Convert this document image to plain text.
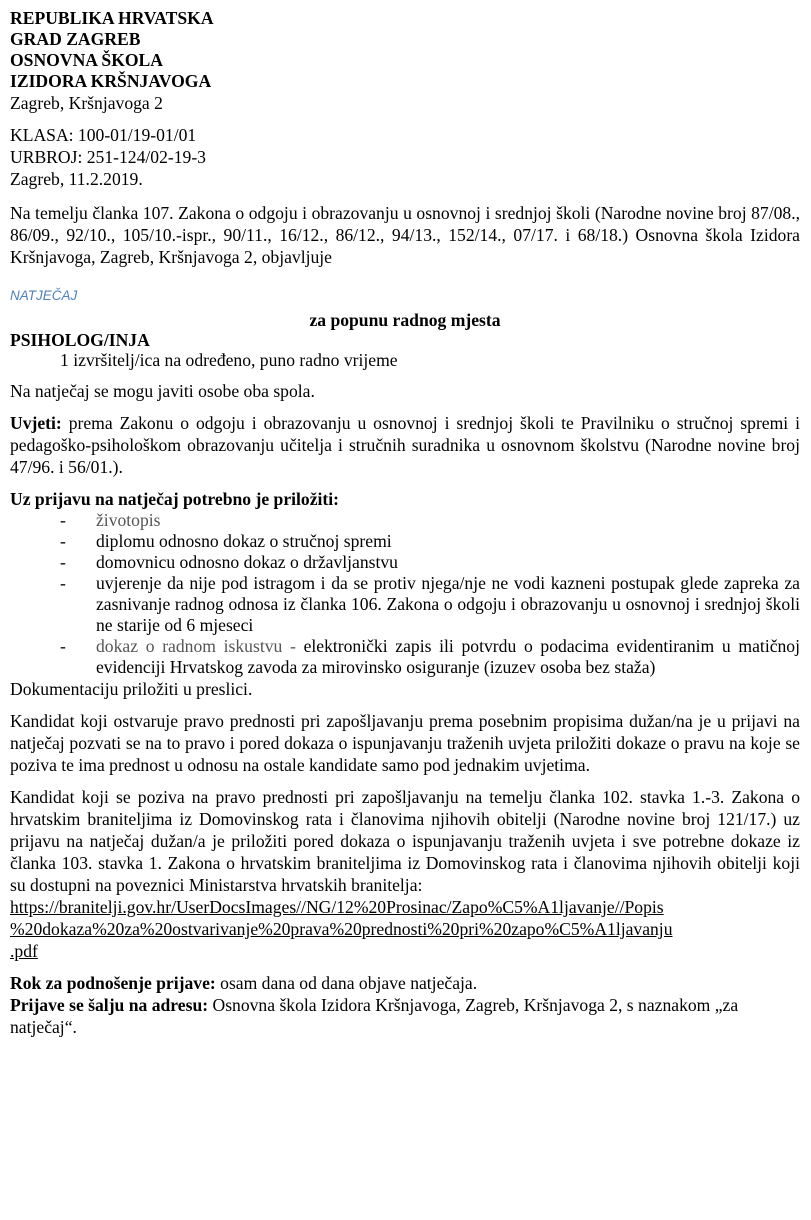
REPUBLIKA HRVATSKA
GRAD ZAGREB
OSNOVNA ŠKOLA
IZIDORA KRŠNJAVOGA
Zagreb, Kršnjavoga 2
KLASA: 100-01/19-01/01
URBROJ: 251-124/02-19-3
Zagreb, 11.2.2019.

Na temelju članka 107. Zakona o odgoju i obrazovanju u osnovnoj i srednjoj školi (Narodne novine broj 87/08., 86/09., 92/10., 105/10.-ispr., 90/11., 16/12., 86/12., 94/13., 152/14., 07/17. i 68/18.) Osnovna škola Izidora Kršnjavoga, Zagreb, Kršnjavoga 2, objavljuje

NATJEČAJ
za popunu radnog mjesta
PSIHOLOG/INJA
1 izvršitelj/ica na određeno, puno radno vrijeme

Na natječaj se mogu javiti osobe oba spola.

Uvjeti: prema Zakonu o odgoju i obrazovanju u osnovnoj i srednjoj školi te Pravilniku o stručnoj spremi i pedagoško-psihološkom obrazovanju učitelja i stručnih suradnika u osnovnom školstvu (Narodne novine broj 47/96. i 56/01.).

Uz prijavu na natječaj potrebno je priložiti:
- životopis
- diplomu odnosno dokaz o stručnoj spremi
- domovnicu odnosno dokaz o državljanstvu
- uvjerenje da nije pod istragom i da se protiv njega/nje ne vodi kazneni postupak glede zapreka za zasnivanje radnog odnosa iz članka 106. Zakona o odgoju i obrazovanju u osnovnoj i srednjoj školi ne starije od 6 mjeseci
- dokaz o radnom iskustvu - elektronički zapis ili potvrdu o podacima evidentiranim u matičnoj evidenciji Hrvatskog zavoda za mirovinsko osiguranje (izuzev osoba bez staža)
Dokumentaciju priložiti u preslici.

Kandidat koji ostvaruje pravo prednosti pri zapošljavanju prema posebnim propisima dužan/na je u prijavi na natječaj pozvati se na to pravo i pored dokaza o ispunjavanju traženih uvjeta priložiti dokaze o pravu na koje se poziva te ima prednost u odnosu na ostale kandidate samo pod jednakim uvjetima.

Kandidat koji se poziva na pravo prednosti pri zapošljavanju na temelju članka 102. stavka 1.-3. Zakona o hrvatskim braniteljima iz Domovinskog rata i članovima njihovih obitelji (Narodne novine broj 121/17.) uz prijavu na natječaj dužan/a je priložiti pored dokaza o ispunjavanju traženih uvjeta i sve potrebne dokaze iz članka 103. stavka 1. Zakona o hrvatskim braniteljima iz Domovinskog rata i članovima njihovih obitelji koji su dostupni na poveznici Ministarstva hrvatskih branitelja:

https://branitelji.gov.hr/UserDocsImages//NG/12%20Prosinac/Zapo%C5%A1ljavanje//Popis
%20dokaza%20za%20ostvarivanje%20prava%20prednosti%20pri%20zapo%C5%A1ljavanju
.pdf

Rok za podnošenje prijave: osam dana od dana objave natječaja.

Prijave se šalju na adresu: Osnovna škola Izidora Kršnjavoga, Zagreb, Kršnjavoga 2, s naznakom „za natječaj“.
